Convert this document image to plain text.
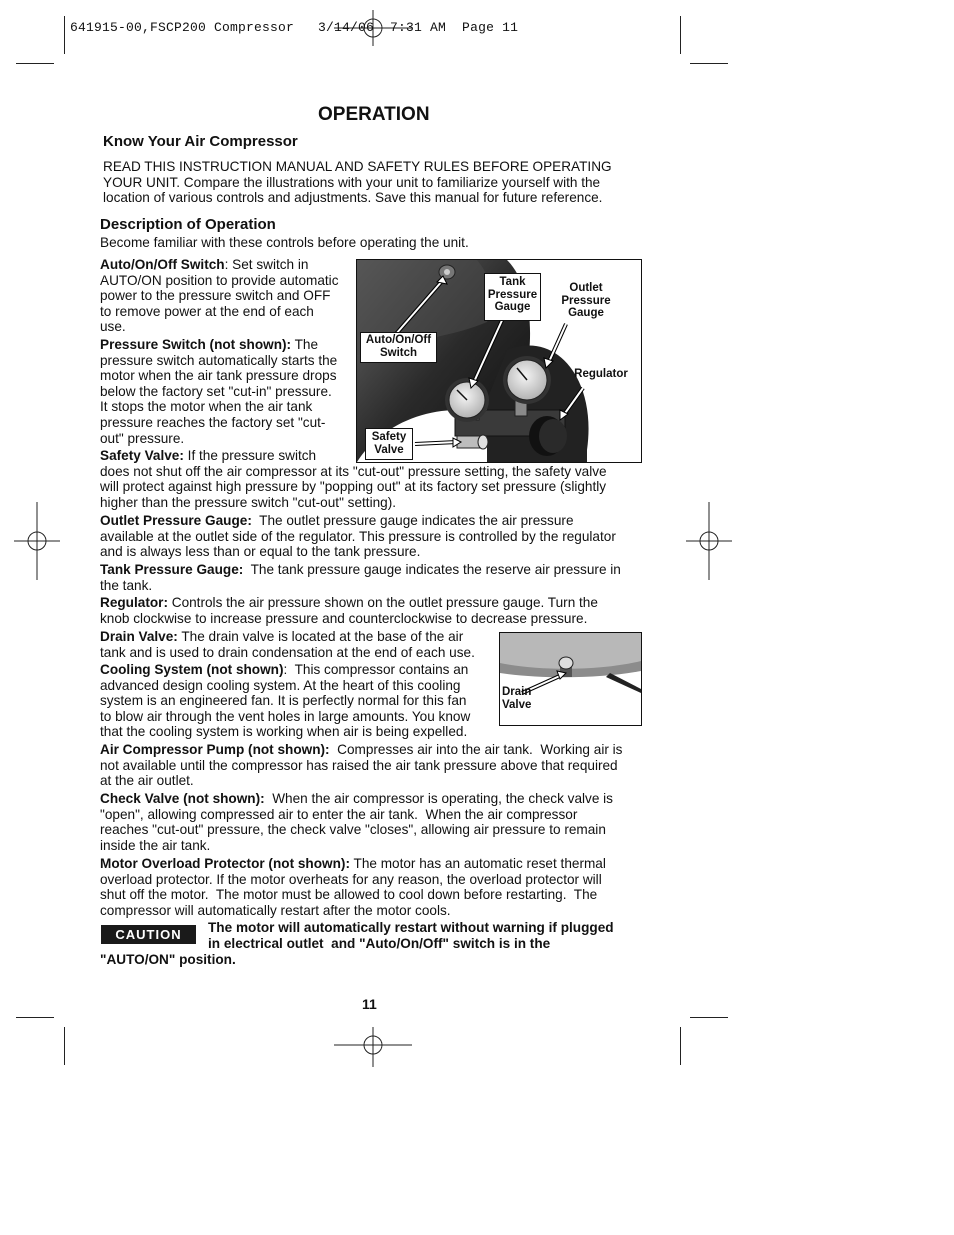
641915-00,FSCP200 Compressor   3/14/06  7:31 AM  Page 11
OPERATION
Know Your Air Compressor
READ THIS INSTRUCTION MANUAL AND SAFETY RULES BEFORE OPERATING
YOUR UNIT. Compare the illustrations with your unit to familiarize yourself with the
location of various controls and adjustments. Save this manual for future reference.
Description of Operation
Become familiar with these controls before operating the unit.
Auto/On/Off Switch: Set switch in
AUTO/ON position to provide automatic
power to the pressure switch and OFF
to remove power at the end of each
use.
Pressure Switch (not shown): The
pressure switch automatically starts the
motor when the air tank pressure drops
below the factory set "cut-in" pressure.
It stops the motor when the air tank
pressure reaches the factory set "cut-
out" pressure.
Safety Valve: If the pressure switch
does not shut off the air compressor at its "cut-out" pressure setting, the safety valve
will protect against high pressure by "popping out" at its factory set pressure (slightly
higher than the pressure switch "cut-out" setting).
Outlet Pressure Gauge:  The outlet pressure gauge indicates the air pressure
available at the outlet side of the regulator. This pressure is controlled by the regulator
and is always less than or equal to the tank pressure.
Tank Pressure Gauge:  The tank pressure gauge indicates the reserve air pressure in
the tank.
Regulator: Controls the air pressure shown on the outlet pressure gauge. Turn the
knob clockwise to increase pressure and counterclockwise to decrease pressure.
Drain Valve: The drain valve is located at the base of the air
tank and is used to drain condensation at the end of each use.
Cooling System (not shown):  This compressor contains an
advanced design cooling system. At the heart of this cooling
system is an engineered fan. It is perfectly normal for this fan
to blow air through the vent holes in large amounts. You know
that the cooling system is working when air is being expelled.
Air Compressor Pump (not shown):  Compresses air into the air tank.  Working air is
not available until the compressor has raised the air tank pressure above that required
at the air outlet.
Check Valve (not shown):  When the air compressor is operating, the check valve is
"open", allowing compressed air to enter the air tank.  When the air compressor
reaches "cut-out" pressure, the check valve "closes", allowing air pressure to remain
inside the air tank.
Motor Overload Protector (not shown): The motor has an automatic reset thermal
overload protector. If the motor overheats for any reason, the overload protector will
shut off the motor.  The motor must be allowed to cool down before restarting.  The
compressor will automatically restart after the motor cools.
CAUTION	The motor will automatically restart without warning if plugged
in electrical outlet  and "Auto/On/Off" switch is in the
"AUTO/ON" position.
Tank
Pressure
Gauge
Outlet
Pressure
Gauge
Auto/On/Off
Switch
Regulator
Safety
Valve
Drain
Valve
11
